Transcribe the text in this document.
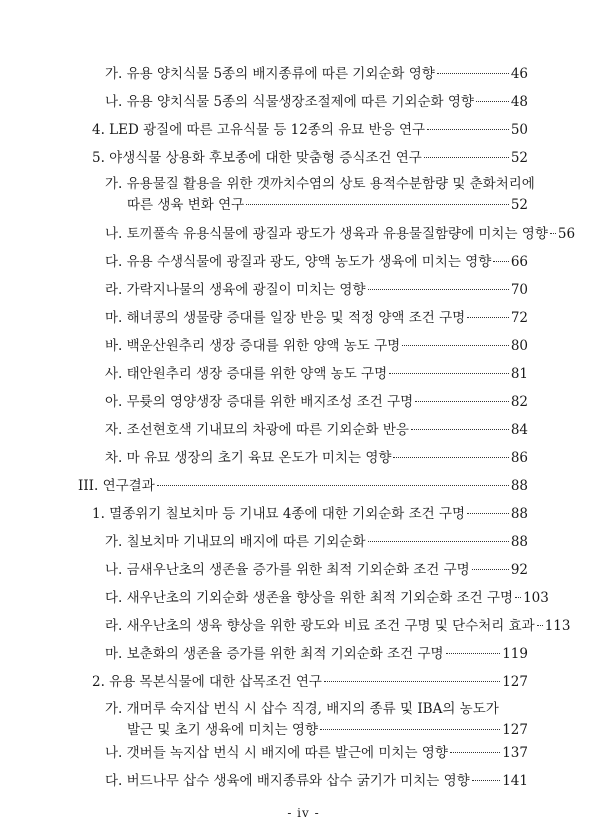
가. 유용 양치식물 5종의 배지종류에 따른 기외순화 영향	46
나. 유용 양치식물 5종의 식물생장조절제에 따른 기외순화 영향	48
4. LED 광질에 따른 고유식물 등 12종의 유묘 반응 연구	50
5. 야생식물 상용화 후보종에 대한 맞춤형 증식조건 연구	52
가. 유용물질 활용을 위한 갯까치수염의 상토 용적수분함량 및 춘화처리에
따른 생육 변화 연구	52
나. 토끼풀속 유용식물에 광질과 광도가 생육과 유용물질함량에 미치는 영향 56
다. 유용 수생식물에 광질과 광도, 양액 농도가 생육에 미치는 영향 66
라. 가락지나물의 생육에 광질이 미치는 영향	70
마. 해녀콩의 생물량 증대를 일장 반응 및 적정 양액 조건 구명	72
바. 백운산원추리 생장 증대를 위한 양액 농도 구명	80
사. 태안원추리 생장 증대를 위한 양액 농도 구명	81
아. 무륫의 영양생장 증대를 위한 배지조성 조건 구명	82
자. 조선현호색 기내묘의 차광에 따른 기외순화 반응	84
차. 마 유묘 생장의 초기 육묘 온도가 미치는 영향	86
III. 연구결과	88
1. 멸종위기 칠보치마 등 기내묘 4종에 대한 기외순화 조건 구명	88
가. 칠보치마 기내묘의 배지에 따른 기외순화	88
나. 금새우난초의 생존율 증가를 위한 최적 기외순화 조건 구명	92
다. 새우난초의 기외순화 생존율 향상을 위한 최적 기외순화 조건 구명 103
라. 새우난초의 생육 향상을 위한 광도와 비료 조건 구명 및 단수처리 효과 113
마. 보춘화의 생존율 증가를 위한 최적 기외순화 조건 구명	119
2. 유용 목본식물에 대한 삽목조건 연구	127
가. 개머루 숙지삽 번식 시 삽수 직경, 배지의 종류 및 IBA의 농도가
발근 및 초기 생육에 미치는 영향	127
나. 갯버들 녹지삽 번식 시 배지에 따른 발근에 미치는 영향	137
다. 버드나무 삽수 생육에 배지종류와 삽수 굵기가 미치는 영향 141
- iv -
